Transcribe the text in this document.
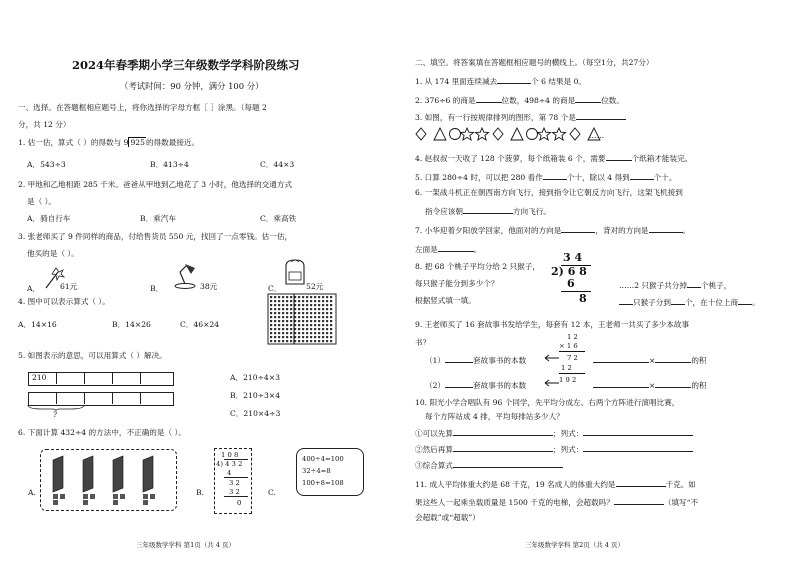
2024年春季期小学三年级数学学科阶段练习
（考试时间：90 分钟，满分 100 分）
一、选择。在答题框相应题号上，将你选择的字母方框［ ］涂黑。（每题 2
分，共 12 分）
1. 估一估，算式（ ）的得数与 9 925的得数最接近。
A．543÷3	B．413÷4	C．44×3
2. 甲地和乙地相距 285 千米。爸爸从甲地到乙地花了 3 小时，他选择的交通方式
是（ ）。
A．骑自行车	B．乘汽车	C．乘高铁
3. 张老师买了 9 件同样的商品，付给售货员 550 元，找回了一点零钱。估一估，
他买的是（ ）。
A．	61元	B．	38元	C．	52元
4. 图中可以表示算式（ ）。
A．14×16	B．14×26	C．46×24
5. 如图表示的意思，可以用算式（ ）解决。
210
?
A．210÷4×3
B．210÷3×4
C．210×4÷3
6. 下面计算 432÷4 的方法中，不正确的是（ ）。
A.	B.
1 0 8
4) 4 3 2
4
3 2
3 2
0
C.
400÷4=100
32÷4=8
100+8=108
三年级数学学科 第1页（共 4 页）
二、填空。将答案填在答题框相应题号的横线上。（每空1分，共27分）
1. 从 174 里面连续减去	个 6 结果是 0。
2. 376÷6 的商是	位数，498÷4 的商是	位数。
3. 如图，有一行按规律排列的图形，第 78 个是
……
4. 赵叔叔一天收了 128 个菠萝，每个纸箱装 6 个，需要	个纸箱才能装完。
5. 口算 280÷4 时，可以把 280 看作	个十，除以 4 得到	个十。
6. 一架战斗机正在朝西南方向飞行，接到指令让它朝反方向飞行，这架飞机接到
指令应该朝	方向飞行。
7. 小华迎着夕阳放学回家，他面对的方向是	，背对的方向是	。
左面是	。
8. 把 68 个桃子平均分给 2 只猴子，
每只猴子能分到多少个？
根据竖式填一填。
3 4
2) 6 8
6
8
……2 只猴子共分掉 个桃子，
只猴子分到 个，在十位上商 。
9. 王老师买了 16 套故事书发给学生，每套有 12 本，王老师一共买了多少本故事
书？
1 2
× 1 6
7 2
1 2
1 9 2
（1）	套故事书的本数	×	的积
（2）	套故事书的本数	×	的积
10. 阳光小学合唱队有 96 个同学，先平均分成左、右两个方阵进行演唱比赛，
每个方阵站成 4 排，平均每排站多少人？
①可以先算	；列式：
②然后再算	；列式：
③综合算式
11. 成人平均体重大约是 68 千克，19 名成人的体重大约是	千克。如
果这些人一起乘坐载质量是 1500 千克的电梯，会超载吗？	（填写“不
会超载”或“超载”）
三年级数学学科 第2页（共 4 页）
